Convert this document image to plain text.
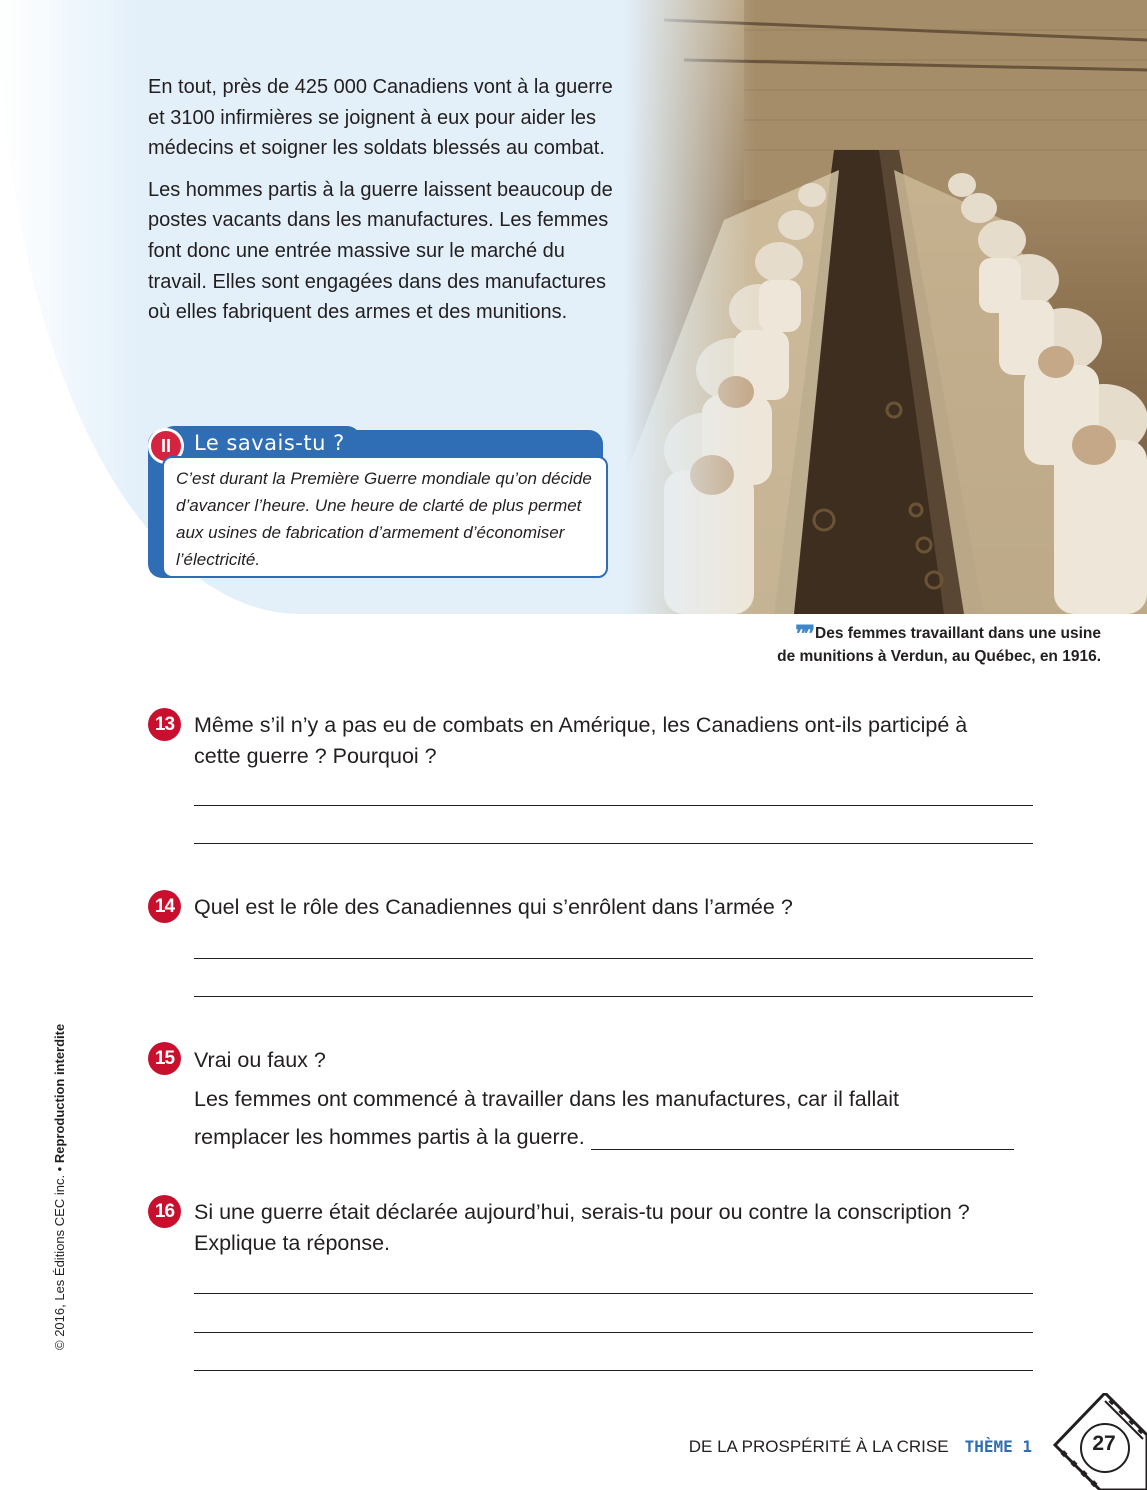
En tout, près de 425 000 Canadiens vont à la guerre et 3100 infirmières se joignent à eux pour aider les médecins et soigner les soldats blessés au combat.

Les hommes partis à la guerre laissent beaucoup de postes vacants dans les manufactures. Les femmes font donc une entrée massive sur le marché du travail. Elles sont engagées dans des manufactures où elles fabriquent des armes et des munitions.

Le savais-tu ?
II
C’est durant la Première Guerre mondiale qu’on décide d’avancer l’heure. Une heure de clarté de plus permet aux usines de fabrication d’armement d’économiser l’électricité.
❞❞ Des femmes travaillant dans une usine
de munitions à Verdun, au Québec, en 1916.
13 Même s’il n’y a pas eu de combats en Amérique, les Canadiens ont-ils participé à cette guerre ? Pourquoi ?
14 Quel est le rôle des Canadiennes qui s’enrôlent dans l’armée ?
15 Vrai ou faux ?
Les femmes ont commencé à travailler dans les manufactures, car il fallait
remplacer les hommes partis à la guerre.
16 Si une guerre était déclarée aujourd’hui, serais-tu pour ou contre la conscription ? Explique ta réponse.
© 2016, Les Éditions CEC inc. • Reproduction interdite
DE LA PROSPÉRITÉ À LA CRISE THÈME 1	27
